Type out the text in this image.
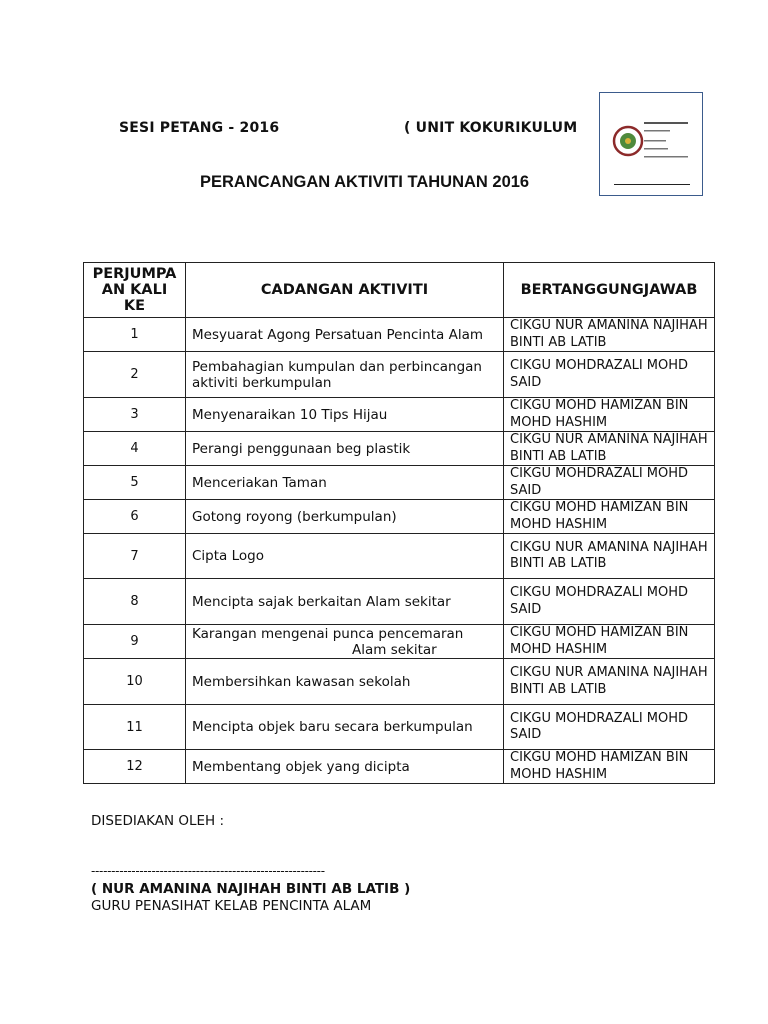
SESI PETANG - 2016	( UNIT KOKURIKULUM
PERANCANGAN AKTIVITI TAHUNAN 2016
PERJUMPA
AN KALI
KE	CADANGAN AKTIVITI	BERTANGGUNGJAWAB
1	Mesyuarat Agong Persatuan Pencinta Alam	CIKGU NUR AMANINA NAJIHAH BINTI AB LATIB
2	Pembahagian kumpulan dan perbincangan aktiviti berkumpulan	CIKGU MOHDRAZALI MOHD SAID
3	Menyenaraikan 10 Tips Hijau	CIKGU MOHD HAMIZAN BIN MOHD HASHIM
4	Perangi penggunaan beg plastik	CIKGU NUR AMANINA NAJIHAH BINTI AB LATIB
5	Menceriakan Taman	CIKGU MOHDRAZALI MOHD SAID
6	Gotong royong (berkumpulan)	CIKGU MOHD HAMIZAN BIN MOHD HASHIM
7	Cipta Logo	CIKGU NUR AMANINA NAJIHAH BINTI AB LATIB
8	Mencipta sajak berkaitan Alam sekitar	CIKGU MOHDRAZALI MOHD SAID
9	Karangan mengenai punca pencemaran
Alam sekitar	CIKGU MOHD HAMIZAN BIN MOHD HASHIM
10	Membersihkan kawasan sekolah	CIKGU NUR AMANINA NAJIHAH BINTI AB LATIB
11	Mencipta objek baru secara berkumpulan	CIKGU MOHDRAZALI MOHD SAID
12	Membentang objek yang dicipta	CIKGU MOHD HAMIZAN BIN MOHD HASHIM
DISEDIAKAN OLEH :
----------------------------------------------------------
( NUR AMANINA NAJIHAH BINTI AB LATIB )
GURU PENASIHAT KELAB PENCINTA ALAM
